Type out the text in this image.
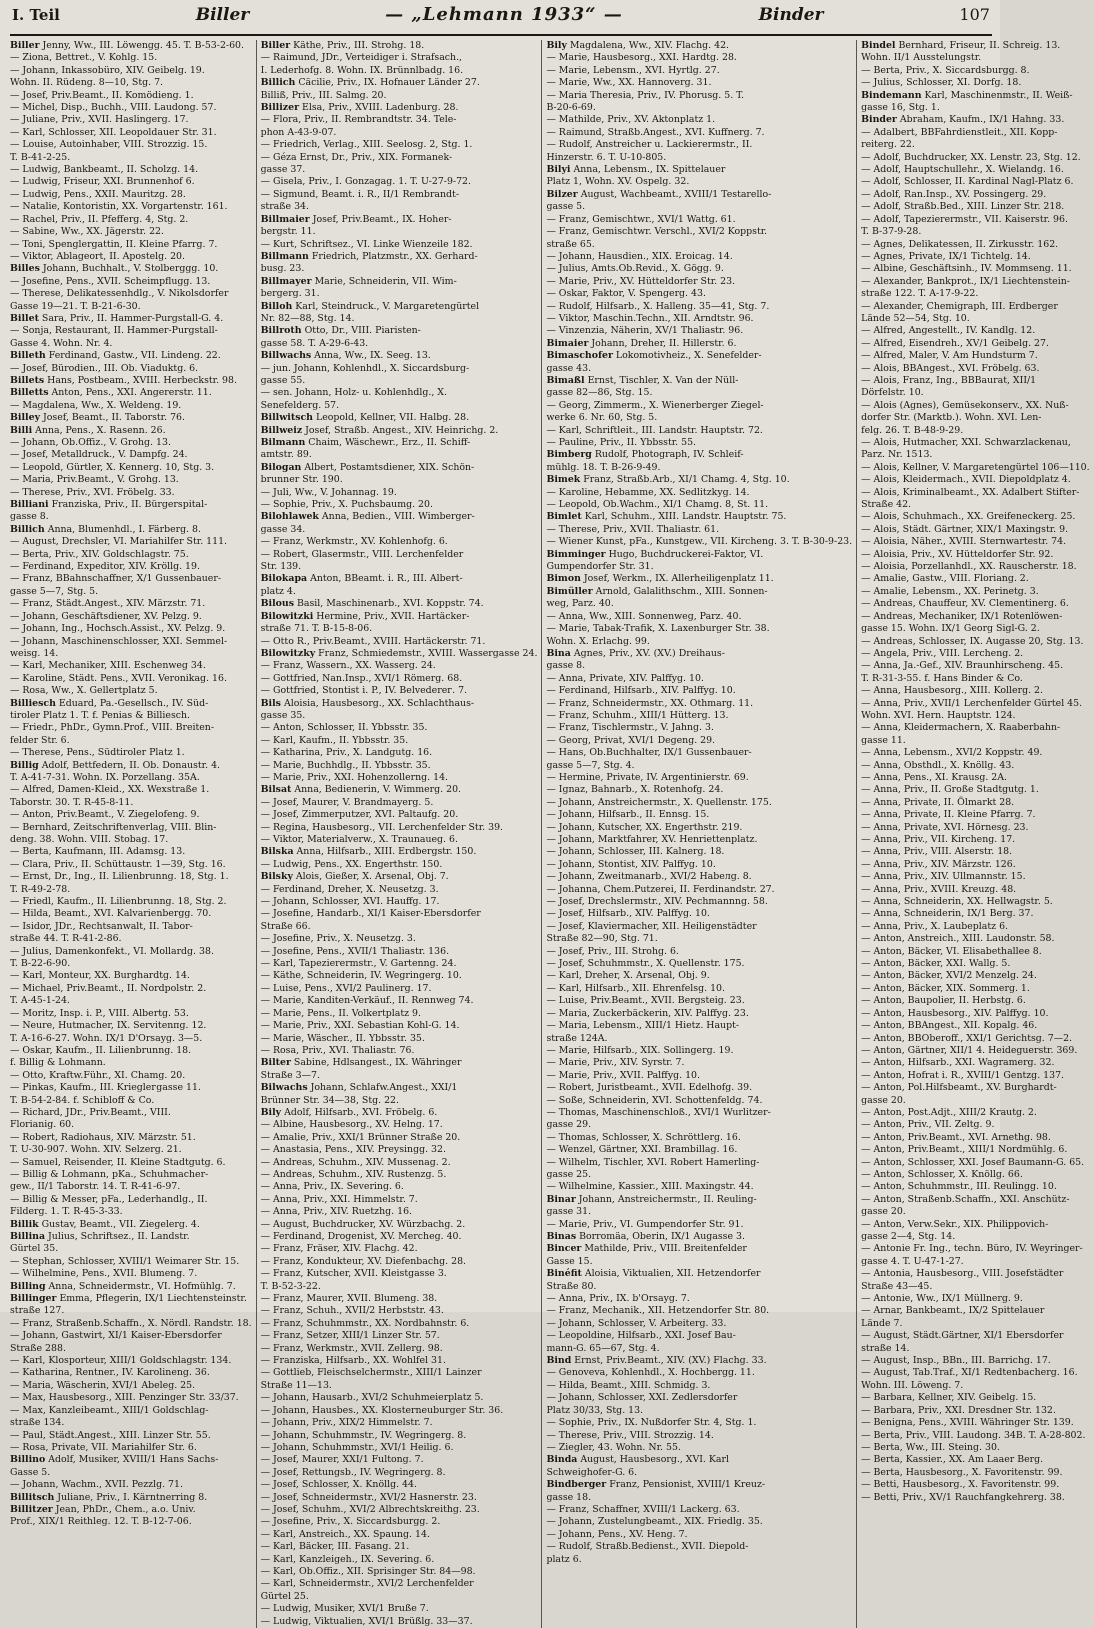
I. Teil	Biller	— „Lehmann 1933“ —	Binder	107

Biller Jenny, Ww., III. Löwengg. 45. T. B-53-2-60.

— Ziona, Bettret., V. Kohlg. 15.

— Johann, Inkassobüro, XIV. Geibelg. 19.

Wohn. II. Rüdeng. 8—10, Stg. 7.

— Josef, Priv.Beamt., II. Komödieng. 1.

— Michel, Disp., Buchh., VIII. Laudong. 57.

— Juliane, Priv., XVII. Haslingerg. 17.

— Karl, Schlosser, XII. Leopoldauer Str. 31.

— Louise, Autoinhaber, VIII. Strozzig. 15.

T. B-41-2-25.

— Ludwig, Bankbeamt., II. Scholzg. 14.

— Ludwig, Friseur, XXI. Brunnenhof 6.

— Ludwig, Pens., XXII. Mauritzg. 28.

— Natalie, Kontoristin, XX. Vorgartenstr. 161.

— Rachel, Priv., II. Pfefferg. 4, Stg. 2.

— Sabine, Ww., XX. Jägerstr. 22.

— Toni, Spenglergattin, II. Kleine Pfarrg. 7.

— Viktor, Ablageort, II. Apostelg. 20.

Billes Johann, Buchhalt., V. Stolberggg. 10.

— Josefine, Pens., XVII. Scheimpflugg. 13.

— Therese, Delikatessenhdlg., V. Nikolsdorfer

Gasse 19—21. T. B-21-6-30.

Billet Sara, Priv., II. Hammer-Purgstall-G. 4.

— Sonja, Restaurant, II. Hammer-Purgstall-

Gasse 4. Wohn. Nr. 4.

Billeth Ferdinand, Gastw., VII. Lindeng. 22.

— Josef, Bürodien., III. Ob. Viaduktg. 6.

Billets Hans, Postbeam., XVIII. Herbeckstr. 98.

Billetts Anton, Pens., XXI. Angererstr. 11.

— Magdalena, Ww., X. Weldeng. 19.

Billey Josef, Beamt., II. Taborstr. 76.

Billi Anna, Pens., X. Rasenn. 26.

— Johann, Ob.Offiz., V. Grohg. 13.

— Josef, Metalldruck., V. Dampfg. 24.

— Leopold, Gürtler, X. Kennerg. 10, Stg. 3.

— Maria, Priv.Beamt., V. Grohg. 13.

— Therese, Priv., XVI. Fröbelg. 33.

Billiani Franziska, Priv., II. Bürgerspital-

gasse 8.

Billich Anna, Blumenhdl., I. Färberg. 8.

— August, Drechsler, VI. Mariahilfer Str. 111.

— Berta, Priv., XIV. Goldschlagstr. 75.

— Ferdinand, Expeditor, XIV. Kröllg. 19.

— Franz, BBahnschaffner, X/1 Gussenbauer-

gasse 5—7, Stg. 5.

— Franz, Städt.Angest., XIV. Märzstr. 71.

— Johann, Geschäftsdiener, XV. Pelzg. 9.

— Johann, Ing., Hochsch.Assist., XV. Pelzg. 9.

— Johann, Maschinenschlosser, XXI. Semmel-

weisg. 14.

— Karl, Mechaniker, XIII. Eschenweg 34.

— Karoline, Städt. Pens., XVII. Veronikag. 16.

— Rosa, Ww., X. Gellertplatz 5.

Billiesch Eduard, Pa.-Gesellsch., IV. Süd-

tiroler Platz 1. T. f. Penias & Billiesch.

— Friedr., PhDr., Gymn.Prof., VIII. Breiten-

felder Str. 6.

— Therese, Pens., Südtiroler Platz 1.

Billig Adolf, Bettfedern, II. Ob. Donaustr. 4.

T. A-41-7-31. Wohn. IX. Porzellang. 35A.

— Alfred, Damen-Kleid., XX. Wexstraße 1.

Taborstr. 30. T. R-45-8-11.

— Anton, Priv.Beamt., V. Ziegelofeng. 9.

— Bernhard, Zeitschriftenverlag, VIII. Blin-

deng. 38. Wohn. VIII. Stobag. 17.

— Berta, Kaufmann, III. Adamsg. 13.

— Clara, Priv., II. Schüttaustr. 1—39, Stg. 16.

— Ernst, Dr., Ing., II. Lilienbrunng. 18, Stg. 1.

T. R-49-2-78.

— Friedl, Kaufm., II. Lilienbrunng. 18, Stg. 2.

— Hilda, Beamt., XVI. Kalvarienbergg. 70.

— Isidor, JDr., Rechtsanwalt, II. Tabor-

straße 44. T. R-41-2-86.

— Julius, Damenkonfekt., VI. Mollardg. 38.

T. B-22-6-90.

— Karl, Monteur, XX. Burghardtg. 14.

— Michael, Priv.Beamt., II. Nordpolstr. 2.

T. A-45-1-24.

— Moritz, Insp. i. P., VIII. Albertg. 53.

— Neure, Hutmacher, IX. Servitenпg. 12.

T. A-16-6-27. Wohn. IX/1 D'Orsayg. 3—5.

— Oskar, Kaufm., II. Lilienbrunng. 18.

f. Billig & Lohmann.

— Otto, Kraftw.Führ., XI. Chamg. 20.

— Pinkas, Kaufm., III. Kriegleгgasse 11.

T. B-54-2-84. f. Schibloff & Co.

— Richard, JDr., Priv.Beamt., VIII.

Florianig. 60.

— Robert, Radiohaus, XIV. Märzstr. 51.

T. U-30-907. Wohn. XIV. Selzerg. 21.

— Samuel, Reisender, II. Kleine Stadtgutg. 6.

— Billig & Lohmann, pKa., Schuhmacher-

gew., II/1 Taborstr. 14. T. R-41-6-97.

— Billig & Messer, pFa., Lederhandlg., II.

Filderg. 1. T. R-45-3-33.

Billik Gustav, Beamt., VII. Ziegelerg. 4.

Billina Julius, Schriftsez., II. Landstr.

Gürtel 35.

— Stephan, Schlosser, XVIII/1 Weimarer Str. 15.

— Wilhelmine, Pens., XVII. Blumeng. 7.

Billing Anna, Schneidermstr., VI. Hofmühlg. 7.

Billinger Emma, Pflegerin, IX/1 Liechtensteinstr.

straße 127.

— Franz, Straßenb.Schaffn., X. Nördl. Randstr. 18.

— Johann, Gastwirt, XI/1 Kaiser-Ebersdorfer

Straße 288.

— Karl, Klosporteur, XIII/1 Goldschlagstr. 134.

— Katharina, Rentner., IV. Karolineng. 36.

— Maria, Wäscherin, XVI/1 Abeleg. 25.

— Max, Hausbesorg., XIII. Penzinger Str. 33/37.

— Max, Kanzleibeamt., XIII/1 Goldschlag-

straße 134.

— Paul, Städt.Angest., XIII. Linzer Str. 55.

— Rosa, Private, VII. Mariahilfer Str. 6.

Billino Adolf, Musiker, XVIII/1 Hans Sachs-

Gasse 5.

— Johann, Wachm., XVII. Pezzlg. 71.

Billitsch Juliane, Priv., I. Kärntnerring 8.

Billitzer Jean, PhDr., Chem., a.o. Univ.

Prof., XIX/1 Reithleg. 12. T. B-12-7-06.

Biller Käthe, Priv., III. Strohg. 18.

— Raimund, JDr., Verteidiger i. Strafsach.,

I. Lederhofg. 8. Wohn. IX. Brünnlbadg. 16.

Billich Cäcilie, Priv., IX. Hofnauer Länder 27.

Billiß, Priv., III. Salmg. 20.

Billizer Elsa, Priv., XVIII. Ladenburg. 28.

— Flora, Priv., II. Rembrandtstr. 34. Tele-

phon A-43-9-07.

— Friedrich, Verlag., XIII. Seelosg. 2, Stg. 1.

— Géza Ernst, Dr., Priv., XIX. Formanek-

gasse 37.

— Gisela, Priv., I. Gonzagag. 1. T. U-27-9-72.

— Sigmund, Beamt. i. R., II/1 Rembrandt-

straße 34.

Billmaier Josef, Priv.Beamt., IX. Hoher-

bergstr. 11.

— Kurt, Schriftsez., VI. Linke Wienzeile 182.

Billmann Friedrich, Platzmstr., XX. Gerhard-

busg. 23.

Billmayer Marie, Schneiderin, VII. Wim-

bergerg. 31.

Billoh Karl, Steindruck., V. Margaretengürtel

Nr. 82—88, Stg. 14.

Billroth Otto, Dr., VIII. Piaristen-

gasse 58. T. A-29-6-43.

Billwachs Anna, Ww., IX. Seeg. 13.

— jun. Johann, Kohlenhdl., X. Siccardsburg-

gasse 55.

— sen. Johann, Holz- u. Kohlenhdlg., X.

Senefelderg. 57.

Billwitsch Leopold, Kellner, VII. Halbg. 28.

Billweiz Josef, Straßb. Angest., XIV. Heinrichg. 2.

Bilmann Chaim, Wäschewr., Erz., II. Schiff-

amtstr. 89.

Bilogan Albert, Postamtsdiener, XIX. Schön-

brunner Str. 190.

— Juli, Ww., V. Johannag. 19.

— Sophie, Priv., X. Puchsbaumg. 20.

Bilohlawek Anna, Bedien., VIII. Wimberger-

gasse 34.

— Franz, Werkmstr., XV. Kohlenhofg. 6.

— Robert, Glasermstr., VIII. Lerchenfelder

Str. 139.

Bilokapa Anton, BBeamt. i. R., III. Albert-

platz 4.

Bilous Basil, Maschinenarb., XVI. Koppstr. 74.

Bilowitzki Hermine, Priv., XVII. Hartäcker-

straße 71. T. B-15-8-06.

— Otto R., Priv.Beamt., XVIII. Hartäckerstr. 71.

Bilowitzky Franz, Schmiedemstr., XVIII. Wassergasse 24.

— Franz, Wassern., XX. Wasserg. 24.

— Gottfried, Nan.Insp., XVI/1 Römerg. 68.

— Gottfried, Stontist i. P., IV. Belvederег. 7.

Bils Aloisia, Hausbesorg., XX. Schlachthaus-

gasse 35.

— Anton, Schlosser, II. Ybbsstr. 35.

— Karl, Kaufm., II. Ybbsstr. 35.

— Katharina, Priv., X. Landgutg. 16.

— Marie, Buchhdlg., II. Ybbsstr. 35.

— Marie, Priv., XXI. Hohenzollerng. 14.

Bilsat Anna, Bedienerin, V. Wimmerg. 20.

— Josef, Maurer, V. Brandmayerg. 5.

— Josef, Zimmerputzer, XVI. Paltaufg. 20.

— Regina, Hausbesorg., VII. Lerchenfelder Str. 39.

— Viktor, Materialverw., X. Traunaueg. 6.

Bilska Anna, Hilfsarb., XIII. Erdbergstr. 150.

— Ludwig, Pens., XX. Engerthstr. 150.

Bilsky Alois, Gießer, X. Arsenal, Obj. 7.

— Ferdinand, Dreher, X. Neusetzg. 3.

— Johann, Schlosser, XVI. Hauffg. 17.

— Josefine, Handarb., XI/1 Kaiser-Ebersdorfer

Straße 66.

— Josefine, Priv., X. Neusetzg. 3.

— Josefine, Pens., XVII/1 Thaliastr. 136.

— Karl, Tapezierermstr., V. Gartenng. 24.

— Käthe, Schneiderin, IV. Wegringerg. 10.

— Luise, Pens., XVI/2 Paulinerg. 17.

— Marie, Kanditen-Verkäuf., II. Rennweg 74.

— Marie, Pens., II. Volkertplatz 9.

— Marie, Priv., XXI. Sebastian Kohl-G. 14.

— Marie, Wäscher., II. Ybbsstr. 35.

— Rosa, Priv., XVI. Thaliastr. 76.

Bilter Sabine, Hdlsangest., IX. Währinger

Straße 3—7.

Bilwachs Johann, Schlafw.Angest., XXI/1

Brünner Str. 34—38, Stg. 22.

Bily Adolf, Hilfsarb., XVI. Fröbelg. 6.

— Albine, Hausbesorg., XV. Helng. 17.

— Amalie, Priv., XXI/1 Brünner Straße 20.

— Anastasia, Pens., XIV. Preysingg. 32.

— Andreas, Schuhm., XIV. Mussenag. 2.

— Andreas, Schuhm., XIV. Rustenzg. 5.

— Anna, Priv., IX. Severing. 6.

— Anna, Priv., XXI. Himmelstr. 7.

— Anna, Priv., XIV. Ruetzhg. 16.

— August, Buchdrucker, XV. Würzbachg. 2.

— Ferdinand, Drogenist, XV. Mercheg. 40.

— Franz, Fräser, XIV. Flachg. 42.

— Franz, Kondukteur, XV. Diefenbachg. 28.

— Franz, Kutscher, XVII. Kleistgasse 3.

T. B-52-3-22.

— Franz, Maurer, XVII. Blumeng. 38.

— Franz, Schuh., XVII/2 Herbststr. 43.

— Franz, Schuhmmstr., XX. Nordbahnstr. 6.

— Franz, Setzer, XIII/1 Linzer Str. 57.

— Franz, Werkmstr., XVII. Zellerg. 98.

— Franziska, Hilfsarb., XX. Wohlfel 31.

— Gottlieb, Fleischselchermstr., XIII/1 Lainzer

Straße 11—13.

— Johann, Hausarb., XVI/2 Schuhmeierplatz 5.

— Johann, Hausbes., XX. Klosterneuburger Str. 36.

— Johann, Priv., XIX/2 Himmelstr. 7.

— Johann, Schuhmmstr., IV. Wegringerg. 8.

— Johann, Schuhmmstr., XVI/1 Heilig. 6.

— Josef, Maurer, XXI/1 Fultong. 7.

— Josef, Rettungsb., IV. Wegringerg. 8.

— Josef, Schlosser, X. Knöllg. 44.

— Josef, Schneidermstr., XVI/2 Hasnerstr. 23.

— Josef, Schuhm., XVI/2 Albrechtskreithg. 23.

— Josefine, Priv., X. Siccardsburgg. 2.

— Karl, Anstreich., XX. Spaung. 14.

— Karl, Bäcker, III. Fasang. 21.

— Karl, Kanzleigeh., IX. Severing. 6.

— Karl, Ob.Offiz., XII. Sprisinger Str. 84—98.

— Karl, Schneidermstr., XVI/2 Lerchenfelder

Gürtel 25.

— Ludwig, Musiker, XVI/1 Bruße 7.

— Ludwig, Viktualien, XVI/1 Brüßlg. 33—37.

Bily Magdalena, Ww., XIV. Flachg. 42.

— Marie, Hausbesorg., XXI. Hardtg. 28.

— Marie, Lebensm., XVI. Hyrtlg. 27.

— Marie, Ww., XX. Hannoverg. 31.

— Maria Theresia, Priv., IV. Phorusg. 5. T.

B-20-6-69.

— Mathilde, Priv., XV. Aktonplatz 1.

— Raimund, Straßb.Angest., XVI. Kuffnerg. 7.

— Rudolf, Anstreicher u. Lackierermstr., II.

Hinzerstr. 6. T. U-10-805.

Bilyi Anna, Lebensm., IX. Spittelauer

Platz 1, Wohn. XV. Ospelg. 32.

Bilzer August, Wachbeamt., XVIII/1 Testarello-

gasse 5.

— Franz, Gemischtwr., XVI/1 Wattg. 61.

— Franz, Gemischtwr. Verschl., XVI/2 Koppstr.

straße 65.

— Johann, Hausdien., XIX. Eroicag. 14.

— Julius, Amts.Ob.Revid., X. Gögg. 9.

— Marie, Priv., XV. Hütteldorfer Str. 23.

— Oskar, Faktor, V. Spengerg. 43.

— Rudolf, Hilfsarb., X. Halleng. 35—41, Stg. 7.

— Viktor, Maschin.Techn., XII. Arndtstr. 96.

— Vinzenzia, Näherin, XV/1 Thaliastr. 96.

Bimaier Johann, Dreher, II. Hillerstr. 6.

Bimaschofer Lokomotivheiz., X. Senefelder-

gasse 43.

Bimaßl Ernst, Tischler, X. Van der Nüll-

gasse 82—86, Stg. 15.

— Georg, Zimmerm., X. Wienerberger Ziegel-

werke 6. Nr. 60, Stg. 5.

— Karl, Schriftleit., III. Landstr. Hauptstr. 72.

— Pauline, Priv., II. Ybbsstr. 55.

Bimberg Rudolf, Photograph, IV. Schleif-

mühlg. 18. T. B-26-9-49.

Bimek Franz, Straßb.Arb., XI/1 Chamg. 4, Stg. 10.

— Karoline, Hebamme, XX. Sedlitzkyg. 14.

— Leopold, Ob.Wachm., XI/1 Chamg. 8, St. 11.

Bimlet Karl, Schuhm., XIII. Landstr. Hauptstr. 75.

— Therese, Priv., XVII. Thaliastr. 61.

— Wiener Kunst, pFa., Kunstgew., VII. Kircheng. 3. T. B-30-9-23.

Bimminger Hugo, Buchdruckerei-Faktor, VI.

Gumpendorfer Str. 31.

Bimon Josef, Werkm., IX. Allerheiligenplatz 11.

Bimüller Arnold, Galalithschm., XIII. Sonnen-

weg, Parz. 40.

— Anna, Ww., XIII. Sonnenweg, Parz. 40.

— Marie, Tabak-Trafik, X. Laxenburger Str. 38.

Wohn. X. Erlachg. 99.

Bina Agnes, Priv., XV. (XV.) Dreihaus-

gasse 8.

— Anna, Private, XIV. Palffyg. 10.

— Ferdinand, Hilfsarb., XIV. Palffyg. 10.

— Franz, Schneidermstr., XX. Othmarg. 11.

— Franz, Schuhm., XIII/1 Hütterg. 13.

— Franz, Tischlermstr., V. Jahng. 3.

— Georg, Privat, XVI/1 Degeng. 29.

— Hans, Ob.Buchhalter, IX/1 Gussenbauer-

gasse 5—7, Stg. 4.

— Hermine, Private, IV. Argentinierstr. 69.

— Ignaz, Bahnarb., X. Rotenhofg. 24.

— Johann, Anstreichermstr., X. Quellenstr. 175.

— Johann, Hilfsarb., II. Ennsg. 15.

— Johann, Kutscher, XX. Engerthstr. 219.

— Johann, Marktfahrer, XV. Henriettenplatz.

— Johann, Schlosser, III. Kalnerg. 18.

— Johann, Stontist, XIV. Palffyg. 10.

— Johann, Zweitmanarb., XVI/2 Habeлg. 8.

— Johanna, Chem.Putzerei, II. Ferdinandstr. 27.

— Josef, Drechslermstr., XIV. Pechmannng. 58.

— Josef, Hilfsarb., XIV. Palffyg. 10.

— Josef, Klaviermacher, XII. Heiligenstädter

Straße 82—90, Stg. 71.

— Josef, Priv., III. Strohg. 6.

— Josef, Schuhmmstr., X. Quellenstr. 175.

— Karl, Dreher, X. Arsenal, Obj. 9.

— Karl, Hilfsarb., XII. Ehrenfelsg. 10.

— Luise, Priv.Beamt., XVII. Bergsteig. 23.

— Maria, Zuckerbäckerin, XIV. Palffyg. 23.

— Maria, Lebensm., XIII/1 Hietz. Haupt-

straße 124A.

— Marie, Hilfsarb., XIX. Sollingerg. 19.

— Marie, Priv., XIV. Syrstr. 7.

— Marie, Priv., XVII. Palffyg. 10.

— Robert, Juristbeamt., XVII. Edelhofg. 39.

— Soße, Schneiderin, XVI. Schottenfeldg. 74.

— Thomas, Maschinenschloß., XVI/1 Wurlitzer-

gasse 29.

— Thomas, Schlosser, X. Schröttlerg. 16.

— Wenzel, Gärtner, XXI. Brambillag. 16.

— Wilhelm, Tischler, XVI. Robert Hamerling-

gasse 25.

— Wilhelmine, Kassier., XIII. Maxingstr. 44.

Binar Johann, Anstreichermstr., II. Reuling-

gasse 31.

— Marie, Priv., VI. Gumpendorfer Str. 91.

Binas Borromäa, Oberin, IX/1 Augasse 3.

Bincer Mathilde, Priv., VIII. Breitenfelder

Gasse 15.

Binéfit Aloisia, Viktualien, XII. Hetzendorfer

Straße 80.

— Anna, Priv., IX. b'Orsayg. 7.

— Franz, Mechanik., XII. Hetzendorfer Str. 80.

— Johann, Schlosser, V. Arbeiterg. 33.

— Leopoldine, Hilfsarb., XXI. Josef Bau-

mann-G. 65—67, Stg. 4.

Bind Ernst, Priv.Beamt., XIV. (XV.) Flachg. 33.

— Genoveva, Kohlenhdl., X. Hochbergg. 11.

— Hilda, Beamt., XIII. Schmidg. 3.

— Johann, Schlosser, XXI. Zedlersdorfer

Platz 30/33, Stg. 13.

— Sophie, Priv., IX. Nußdorfer Str. 4, Stg. 1.

— Therese, Priv., VIII. Strozzig. 14.

— Ziegler, 43. Wohn. Nr. 55.

Binda August, Hausbesorg., XVI. Karl

Schweighofer-G. 6.

Bindberger Franz, Pensionist, XVIII/1 Kreuz-

gasse 18.

— Franz, Schaffner, XVIII/1 Lackerg. 63.

— Johann, Zustelungbeamt., XIX. Friedlg. 35.

— Johann, Pens., XV. Heng. 7.

— Rudolf, Straßb.Bedienst., XVII. Diepold-

platz 6.

Bindel Bernhard, Friseur, II. Schreig. 13.

Wohn. II/1 Ausstelungstr.

— Berta, Priv., X. Siccardsburgg. 8.

— Julius, Schlosser, XI. Dorfg. 18.

Bindemann Karl, Maschinenmstr., II. Weiß-

gasse 16, Stg. 1.

Binder Abraham, Kaufm., IX/1 Hahng. 33.

— Adalbert, BBFahrdienstleit., XII. Kopp-

reiterg. 22.

— Adolf, Buchdrucker, XX. Lenstr. 23, Stg. 12.

— Adolf, Hauptschullehr., X. Wielandg. 16.

— Adolf, Schlosser, II. Kardinal Nagl-Platz 6.

— Adolf, Ran.Insp., XV. Possingerg. 29.

— Adolf, Straßb.Bed., XIII. Linzer Str. 218.

— Adolf, Tapezierermstr., VII. Kaiserstr. 96.

T. B-37-9-28.

— Agnes, Delikatessen, II. Zirkusstr. 162.

— Agnes, Private, IX/1 Tichtelg. 14.

— Albine, Geschäftsinh., IV. Mommseng. 11.

— Alexander, Bankprot., IX/1 Liechtenstein-

straße 122. T. A-17-9-22.

— Alexander, Chemigraph, III. Erdberger

Lände 52—54, Stg. 10.

— Alfred, Angestellt., IV. Kandlg. 12.

— Alfred, Eisendreh., XV/1 Geibelg. 27.

— Alfred, Maler, V. Am Hundsturm 7.

— Alois, BBAngest., XVI. Fröbelg. 63.

— Alois, Franz, Ing., BBBaurat, XII/1

Dörfelstr. 10.

— Alois (Agnes), Gemüsekonserv., XX. Nuß-

dorfer Str. (Marktb.). Wohn. XVI. Len-

felg. 26. T. B-48-9-29.

— Alois, Hutmacher, XXI. Schwarzlackenau,

Parz. Nr. 1513.

— Alois, Kellner, V. Margaretengürtel 106—110.

— Alois, Kleidermach., XVII. Diepoldplatz 4.

— Alois, Kriminalbeamt., XX. Adalbert Stifter-

Straße 42.

— Alois, Schuhmach., XX. Greifeneckerg. 25.

— Alois, Städt. Gärtner, XIX/1 Maxingstr. 9.

— Aloisia, Näher., XVIII. Sternwartestr. 74.

— Aloisia, Priv., XV. Hütteldorfer Str. 92.

— Aloisia, Porzellanhdl., XX. Rauscherstr. 18.

— Amalie, Gastw., VIII. Floriang. 2.

— Amalie, Lebensm., XX. Perinetg. 3.

— Andreas, Chauffeur, XV. Clementinerg. 6.

— Andreas, Mechaniker, IX/1 Rotenlöwen-

gasse 15. Wohn. IX/1 Georg Sigl-G. 2.

— Andreas, Schlosser, IX. Augasse 20, Stg. 13.

— Angela, Priv., VIII. Lercheng. 2.

— Anna, Ja.-Gef., XIV. Braunhirscheng. 45.

T. R-31-3-55. f. Hans Binder & Co.

— Anna, Hausbesorg., XIII. Kollerg. 2.

— Anna, Priv., XVII/1 Lerchenfelder Gürtel 45.

Wohn. XVI. Hern. Hauptstr. 124.

— Anna, Kleidermachern, X. Raaberbahn-

gasse 11.

— Anna, Lebensm., XVI/2 Koppstr. 49.

— Anna, Obsthdl., X. Knöllg. 43.

— Anna, Pens., XI. Krausg. 2A.

— Anna, Priv., II. Große Stadtgutg. 1.

— Anna, Private, II. Ölmarkt 28.

— Anna, Private, II. Kleine Pfarrg. 7.

— Anna, Private, XVI. Hörnesg. 23.

— Anna, Priv., VII. Kircheng. 17.

— Anna, Priv., VIII. Alserstr. 18.

— Anna, Priv., XIV. Märzstr. 126.

— Anna, Priv., XIV. Ullmannstr. 15.

— Anna, Priv., XVIII. Kreuzg. 48.

— Anna, Schneiderin, XX. Hellwagstr. 5.

— Anna, Schneiderin, IX/1 Berg. 37.

— Anna, Priv., X. Laubeplatz 6.

— Anton, Anstreich., XIII. Laudonstr. 58.

— Anton, Bäcker, VI. Elisabethallee 8.

— Anton, Bäcker, XXI. Wallg. 5.

— Anton, Bäcker, XVI/2 Menzelg. 24.

— Anton, Bäcker, XIX. Sommerg. 1.

— Anton, Baupolier, II. Herbstg. 6.

— Anton, Hausbesorg., XIV. Palffyg. 10.

— Anton, BBAngest., XII. Kopalg. 46.

— Anton, BBOberoff., XXI/1 Gerichtsg. 7—2.

— Anton, Gärtner, XII/1 4. Heideguerstr. 369.

— Anton, Hilfsarb., XXI. Wagramerg. 32.

— Anton, Hofrat i. R., XVIII/1 Gentzg. 137.

— Anton, Pol.Hilfsbeamt., XV. Burghardt-

gasse 20.

— Anton, Post.Adjt., XIII/2 Krautg. 2.

— Anton, Priv., VII. Zeltg. 9.

— Anton, Priv.Beamt., XVI. Arnethg. 98.

— Anton, Priv.Beamt., XIII/1 Nordmühlg. 6.

— Anton, Schlosser, XXI. Josef Baumann-G. 65.

— Anton, Schlosser, X. Knöllg. 66.

— Anton, Schuhmmstr., III. Reulingg. 10.

— Anton, Straßenb.Schaffn., XXI. Anschütz-

gasse 20.

— Anton, Verw.Sekr., XIX. Philippovich-

gasse 2—4, Stg. 14.

— Antonie Fr. Ing., techn. Büro, IV. Weyringer-

gasse 4. T. U-47-1-27.

— Antonia, Hausbesorg., VIII. Josefstädter

Straße 43—45.

— Antonie, Ww., IX/1 Müllnerg. 9.

— Arnar, Bankbeamt., IX/2 Spittelauer

Lände 7.

— August, Städt.Gärtner, XI/1 Ebersdorfer

straße 14.

— August, Insp., BBn., III. Barrichg. 17.

— August, Tab.Traf., XI/1 Redtenbacherg. 16.

Wohn. III. Löweng. 7.

— Barbara, Kellner, XIV. Geibelg. 15.

— Barbara, Priv., XXI. Dresdner Str. 132.

— Benigna, Pens., XVIII. Währinger Str. 139.

— Berta, Priv., VIII. Laudong. 34B. T. A-28-802.

— Berta, Ww., III. Steing. 30.

— Berta, Kassier., XX. Am Laaer Berg.

— Berta, Hausbesorg., X. Favoritenstr. 99.

— Betti, Hausbesorg., X. Favoritenstr. 99.

— Betti, Priv., XV/1 Rauchfangkehrerg. 38.
